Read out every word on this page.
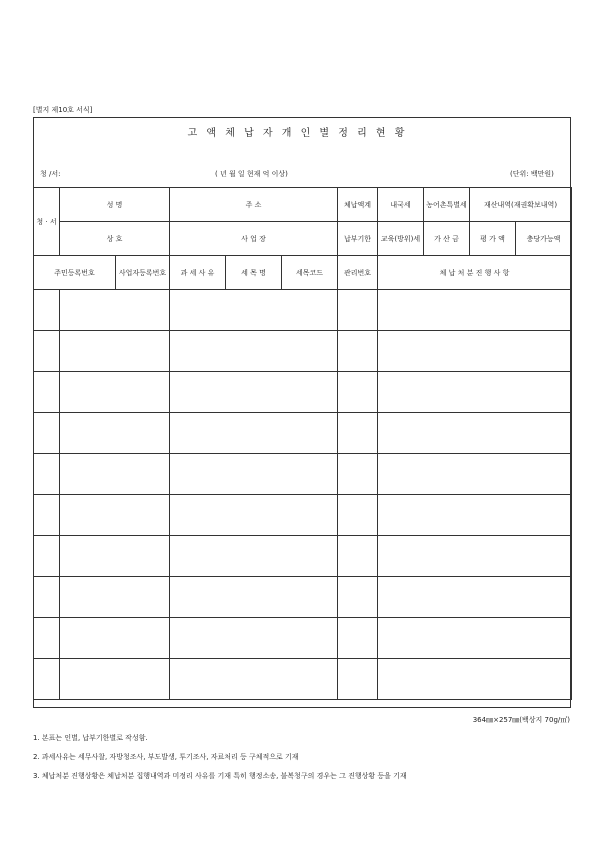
[별지 제10호 서식]
고 액 체 납 자 개 인 별 정 리 현 황
청 /서:	( 년 월 일 현재 억 이상)	(단위: 백만원)
청 · 서	성 명		주 소			체납액계	내국세	농어촌특별세	재산내역(재권확보내역)	
	상 호		사 업 장			납부기한	교육(방위)세	가 산 금	평 가 액	충당가능액
주민등록번호		사업자등록번호	과 세 사 유	세 목 명	세목코드	관리번호	체 납 처 분 진 행 사 항			

364㎜×257㎜(백상지 70g/㎡)
1. 본표는 인별, 납부기한별로 작성함.
2. 과세사유는 세무사찰, 자방청조사, 부도발생, 투기조사, 자료처리 등 구체적으로 기재
3. 체납처분 진행상황은 체납처분 집행내역과 미정리 사유를 기재 특히 행정소송, 불복청구의 경우는 그 진행상황 등을 기재
